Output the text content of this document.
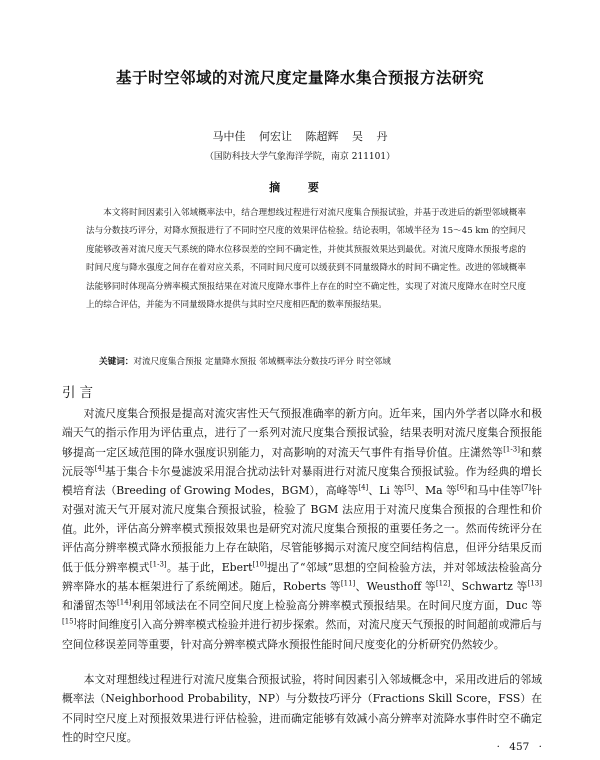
基于时空邻域的对流尺度定量降水集合预报方法研究

马中佳 何宏让 陈超辉 吴 丹

（国防科技大学气象海洋学院，南京 211101）

摘 要

本文将时间因素引入邻域概率法中，结合理想线过程进行对流尺度集合预报试验，并基于改进后的新型邻域概率法与分数技巧评分，对降水预报进行了不同时空尺度的效果评估检验。结论表明，邻域半径为 15～45 km 的空间尺度能够改善对流尺度天气系统的降水位移误差的空间不确定性，并使其预报效果达到最优。对流尺度降水预报考虑的时间尺度与降水强度之间存在着对应关系，不同时间尺度可以缓获到不同量级降水的时间不确定性。改进的邻域概率法能够同时体现高分辨率模式预报结果在对流尺度降水事件上存在的时空不确定性，实现了对流尺度降水在时空尺度上的综合评估，并能为不同量级降水提供与其时空尺度相匹配的数率预报结果。

关键词：对流尺度集合预报 定量降水预报 邻域概率法分数技巧评分 时空邻域

引言

对流尺度集合预报是提高对流灾害性天气预报准确率的新方向。近年来，国内外学者以降水和极端天气的指示作用为评估重点，进行了一系列对流尺度集合预报试验，结果表明对流尺度集合预报能够提高一定区域范围的降水强度识别能力，对高影响的对流天气事件有指导价值。庄潇然等[1-3]和蔡沅辰等[4]基于集合卡尔曼滤波采用混合扰动法针对暴雨进行对流尺度集合预报试验。作为经典的增长模培育法（Breeding of Growing Modes，BGM），高峰等[4]、Li 等[5]、Ma 等[6]和马中佳等[7]针对强对流天气开展对流尺度集合预报试验，检验了 BGM 法应用于对流尺度集合预报的合理性和价值。 此外，评估高分辨率模式预报效果也是研究对流尺度集合预报的重要任务之一。然而传统评分在评估高分辨率模式降水预报能力上存在缺陷，尽管能够揭示对流尺度空间结构信息，但评分结果反而低于低分辨率模式[1-3]。基于此，Ebert[10]提出了“邻域”思想的空间检验方法，并对邻域法检验高分辨率降水的基本框架进行了系统阐述。随后，Roberts 等[11]、Weusthoff 等[12]、Schwartz 等[13]和潘留杰等[14]利用邻域法在不同空间尺度上检验高分辨率模式预报结果。在时间尺度方面，Duc 等[15]将时间维度引入高分辨率模式检验并进行初步探索。然而，对流尺度天气预报的时间超前或滞后与空间位移误差同等重要，针对高分辨率模式降水预报性能时间尺度变化的分析研究仍然较少。

本文对理想线过程进行对流尺度集合预报试验，将时间因素引入邻域概念中，采用改进后的邻域概率法（Neighborhood Probability，NP）与分数技巧评分（Fractions Skill Score，FSS）在不同时空尺度上对预报效果进行评估检验，进而确定能够有效减小高分辨率对流降水事件时空不确定性的时空尺度。

· 457 ·
